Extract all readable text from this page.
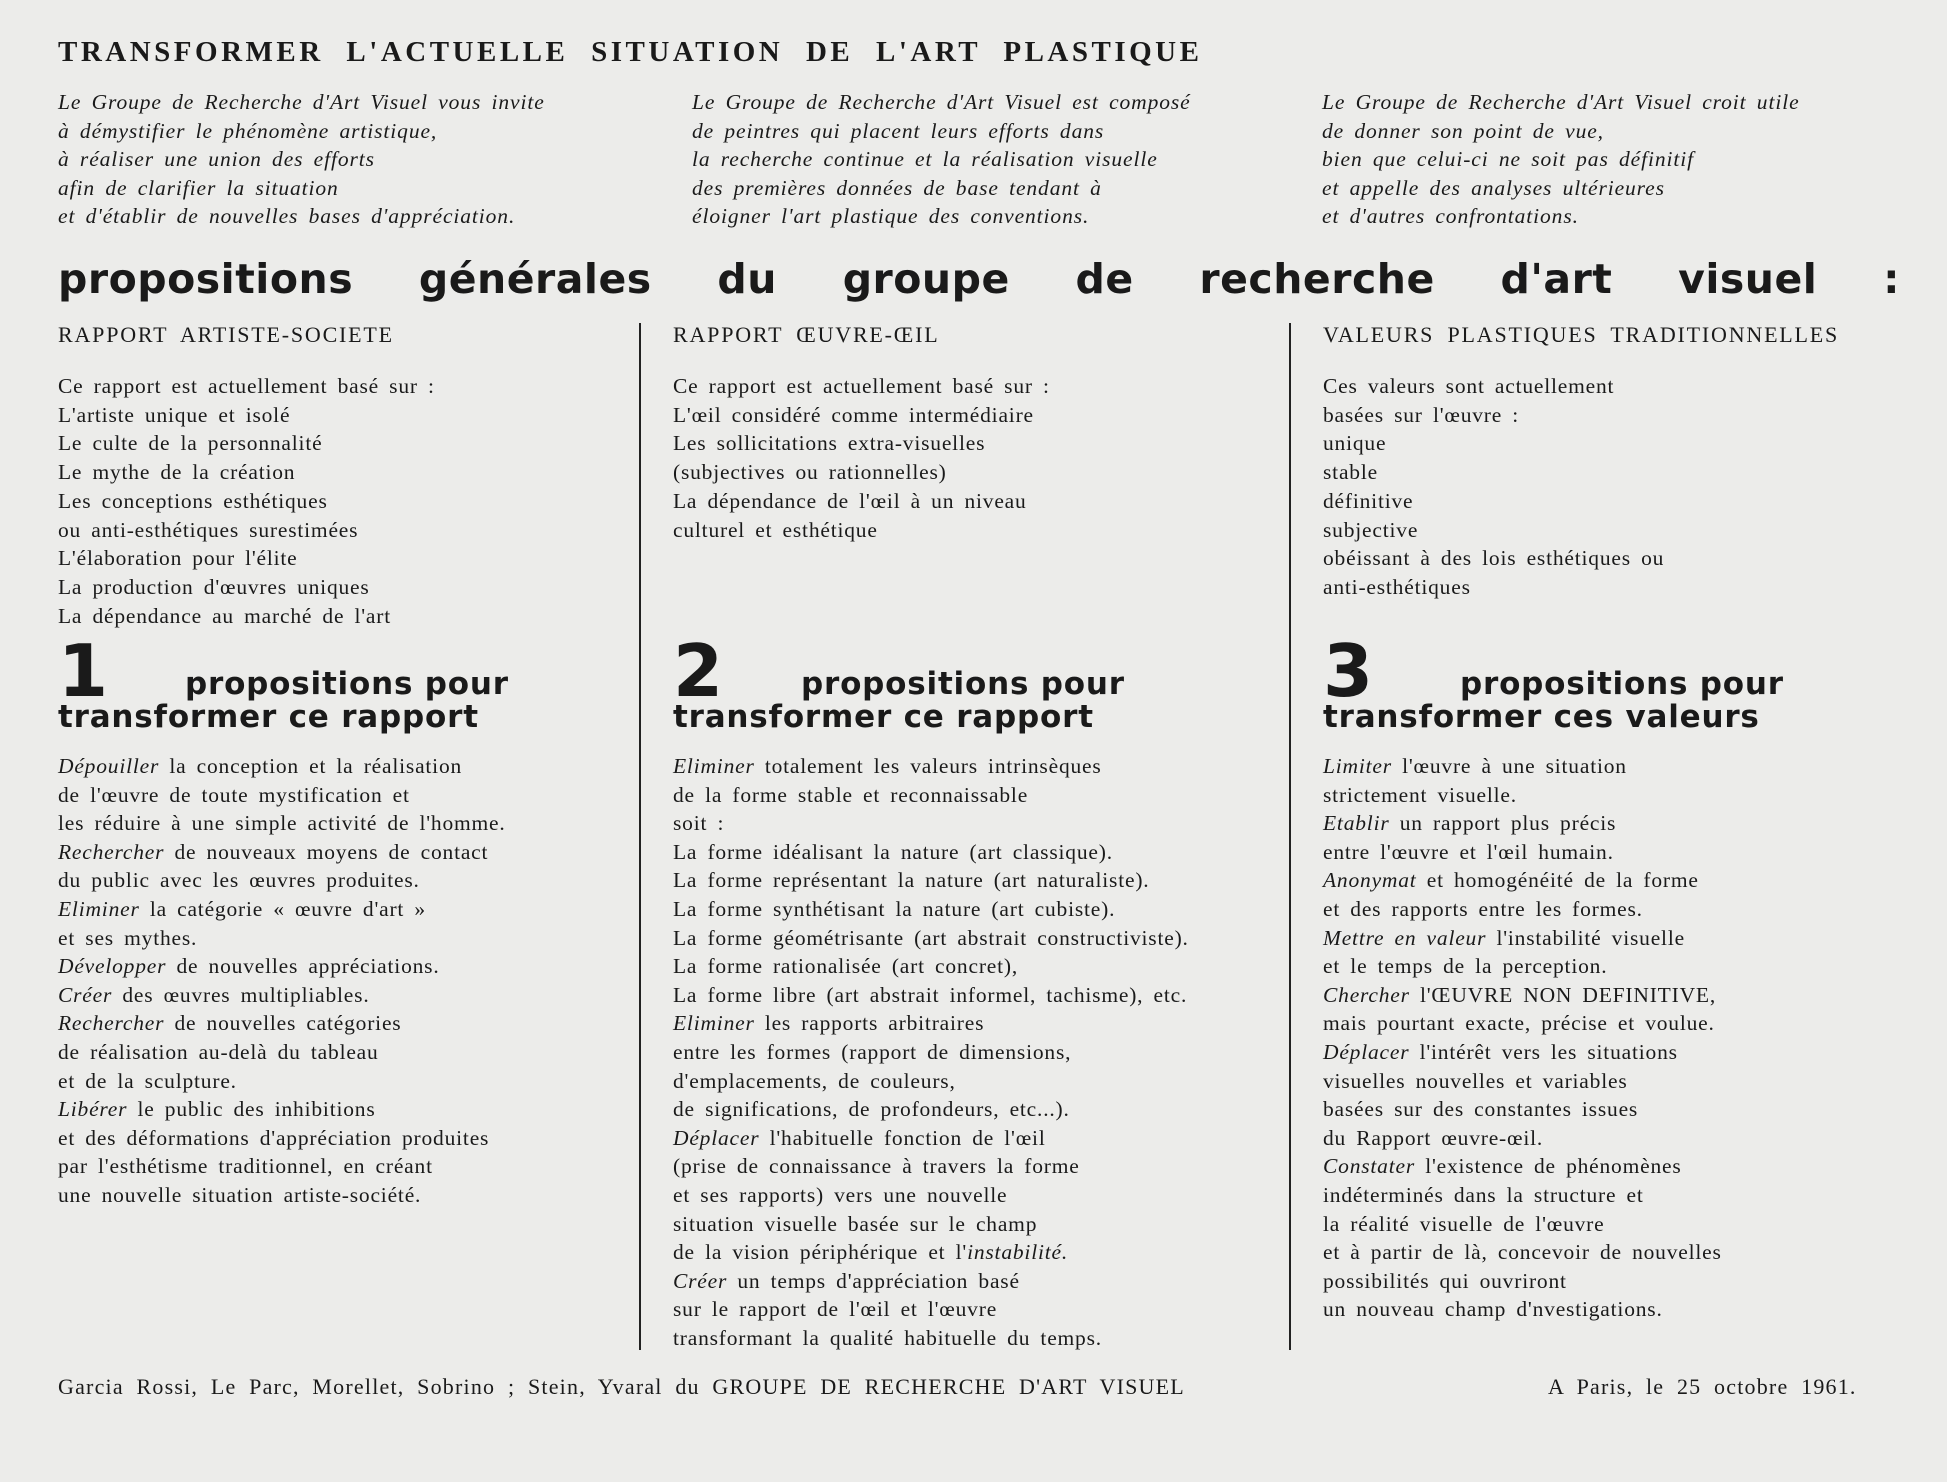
TRANSFORMER L'ACTUELLE SITUATION DE L'ART PLASTIQUE
Le Groupe de Recherche d'Art Visuel vous invite
à démystifier le phénomène artistique,
à réaliser une union des efforts
afin de clarifier la situation
et d'établir de nouvelles bases d'appréciation.
Le Groupe de Recherche d'Art Visuel est composé
de peintres qui placent leurs efforts dans
la recherche continue et la réalisation visuelle
des premières données de base tendant à
éloigner l'art plastique des conventions.
Le Groupe de Recherche d'Art Visuel croit utile
de donner son point de vue,
bien que celui-ci ne soit pas définitif
et appelle des analyses ultérieures
et d'autres confrontations.
propositions générales du groupe de recherche d'art visuel :
RAPPORT ARTISTE-SOCIETE
Ce rapport est actuellement basé sur :
L'artiste unique et isolé
Le culte de la personnalité
Le mythe de la création
Les conceptions esthétiques
ou anti-esthétiques surestimées
L'élaboration pour l'élite
La production d'œuvres uniques
La dépendance au marché de l'art
RAPPORT ŒUVRE-ŒIL
Ce rapport est actuellement basé sur :
L'œil considéré comme intermédiaire
Les sollicitations extra-visuelles
(subjectives ou rationnelles)
La dépendance de l'œil à un niveau
culturel et esthétique
VALEURS PLASTIQUES TRADITIONNELLES
Ces valeurs sont actuellement
basées sur l'œuvre :
unique
stable
définitive
subjective
obéissant à des lois esthétiques ou
anti-esthétiques
1 propositions pour
transformer ce rapport
2	propositions pour
transformer ce rapport
3	propositions pour
transformer ces valeurs
Dépouiller la conception et la réalisation
de l'œuvre de toute mystification et
les réduire à une simple activité de l'homme.
Rechercher de nouveaux moyens de contact
du public avec les œuvres produites.
Eliminer la catégorie « œuvre d'art »
et ses mythes.
Développer de nouvelles appréciations.
Créer des œuvres multipliables.
Rechercher de nouvelles catégories
de réalisation au-delà du tableau
et de la sculpture.
Libérer le public des inhibitions
et des déformations d'appréciation produites
par l'esthétisme traditionnel, en créant
une nouvelle situation artiste-société.
Eliminer totalement les valeurs intrinsèques
de la forme stable et reconnaissable
soit :
La forme idéalisant la nature (art classique).
La forme représentant la nature (art naturaliste).
La forme synthétisant la nature (art cubiste).
La forme géométrisante (art abstrait constructiviste).
La forme rationalisée (art concret),
La forme libre (art abstrait informel, tachisme), etc.
Eliminer les rapports arbitraires
entre les formes (rapport de dimensions,
d'emplacements, de couleurs,
de significations, de profondeurs, etc...).
Déplacer l'habituelle fonction de l'œil
(prise de connaissance à travers la forme
et ses rapports) vers une nouvelle
situation visuelle basée sur le champ
de la vision périphérique et l'instabilité.
Créer un temps d'appréciation basé
sur le rapport de l'œil et l'œuvre
transformant la qualité habituelle du temps.
Limiter l'œuvre à une situation
strictement visuelle.
Etablir un rapport plus précis
entre l'œuvre et l'œil humain.
Anonymat et homogénéité de la forme
et des rapports entre les formes.
Mettre en valeur l'instabilité visuelle
et le temps de la perception.
Chercher l'ŒUVRE NON DEFINITIVE,
mais pourtant exacte, précise et voulue.
Déplacer l'intérêt vers les situations
visuelles nouvelles et variables
basées sur des constantes issues
du Rapport œuvre-œil.
Constater l'existence de phénomènes
indéterminés dans la structure et
la réalité visuelle de l'œuvre
et à partir de là, concevoir de nouvelles
possibilités qui ouvriront
un nouveau champ d'nvestigations.
Garcia Rossi, Le Parc, Morellet, Sobrino ; Stein, Yvaral du GROUPE DE RECHERCHE D'ART VISUEL	A Paris, le 25 octobre 1961.
